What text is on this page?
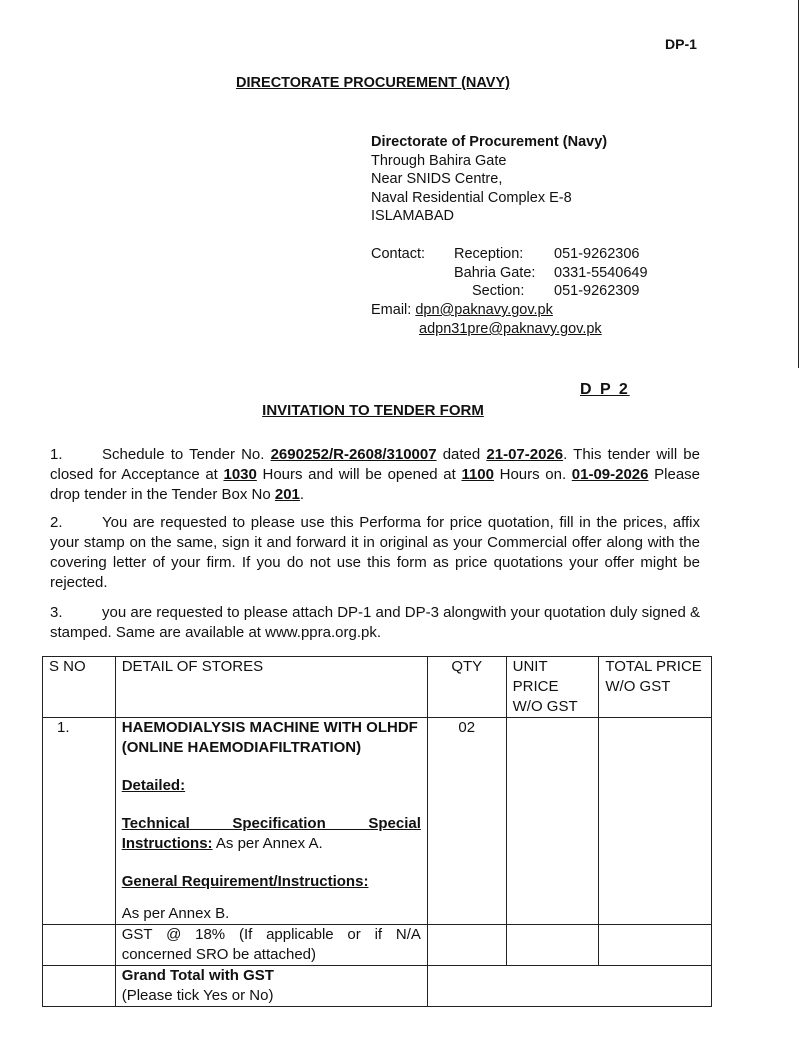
DP-1
DIRECTORATE PROCUREMENT (NAVY)
Directorate of Procurement (Navy)
Through Bahira Gate
Near SNIDS Centre,
Naval Residential Complex E-8
ISLAMABAD
Contact:	Reception:	051-9262306
	Bahria Gate:	0331-5540649
	Section:	051-9262309
Email: dpn@paknavy.gov.pk
adpn31pre@paknavy.gov.pk
D P 2
INVITATION TO TENDER FORM
1.	Schedule to Tender No. 2690252/R-2608/310007 dated 21-07-2026. This tender will be closed for Acceptance at 1030 Hours and will be opened at 1100 Hours on. 01-09-2026 Please drop tender in the Tender Box No 201.
2.	You are requested to please use this Performa for price quotation, fill in the prices, affix your stamp on the same, sign it and forward it in original as your Commercial offer along with the covering letter of your firm. If you do not use this form as price quotations your offer might be rejected.
3.	you are requested to please attach DP-1 and DP-3 alongwith your quotation duly signed & stamped. Same are available at www.ppra.org.pk.
S NO	DETAIL OF STORES	QTY	UNIT PRICE W/O GST	TOTAL PRICE W/O GST
1.	HAEMODIALYSIS MACHINE WITH OLHDF (ONLINE HAEMODIAFILTRATION)
Detailed:
Technical Specification Special Instructions: As per Annex A.
General Requirement/Instructions:
As per Annex B.	02		
	GST @ 18% (If applicable or if N/A concerned SRO be attached)			

	Grand Total with GST
(Please tick Yes or No)			
